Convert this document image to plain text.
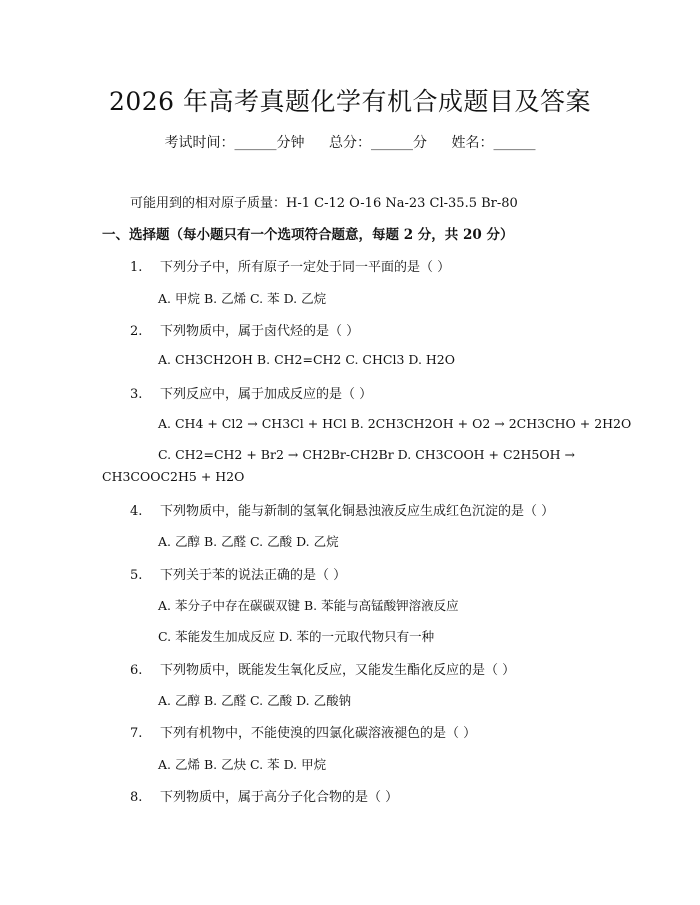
2026 年高考真题化学有机合成题目及答案
考试时间：______分钟 总分：______分 姓名：______
可能用到的相对原子质量：H-1 C-12 O-16 Na-23 Cl-35.5 Br-80
一、选择题（每小题只有一个选项符合题意，每题 2 分，共 20 分）
1. 下列分子中，所有原子一定处于同一平面的是（ ）
A. 甲烷 B. 乙烯 C. 苯 D. 乙烷
2. 下列物质中，属于卤代烃的是（ ）
A. CH3CH2OH B. CH2=CH2 C. CHCl3 D. H2O
3. 下列反应中，属于加成反应的是（ ）
A. CH4 + Cl2 → CH3Cl + HCl B. 2CH3CH2OH + O2 → 2CH3CHO + 2H2O
C. CH2=CH2 + Br2 → CH2Br-CH2Br D. CH3COOH + C2H5OH →
CH3COOC2H5 + H2O
4. 下列物质中，能与新制的氢氧化铜悬浊液反应生成红色沉淀的是（ ）
A. 乙醇 B. 乙醛 C. 乙酸 D. 乙烷
5. 下列关于苯的说法正确的是（ ）
A. 苯分子中存在碳碳双键 B. 苯能与高锰酸钾溶液反应
C. 苯能发生加成反应 D. 苯的一元取代物只有一种
6. 下列物质中，既能发生氧化反应，又能发生酯化反应的是（ ）
A. 乙醇 B. 乙醛 C. 乙酸 D. 乙酸钠
7. 下列有机物中，不能使溴的四氯化碳溶液褪色的是（ ）
A. 乙烯 B. 乙炔 C. 苯 D. 甲烷
8. 下列物质中，属于高分子化合物的是（ ）
